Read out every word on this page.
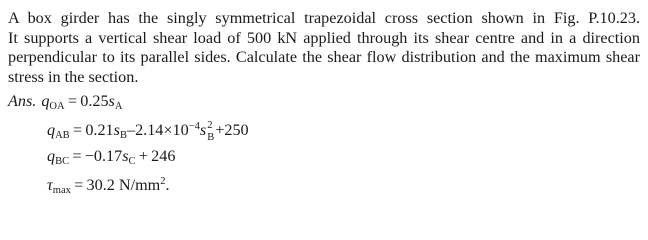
A box girder has the singly symmetrical trapezoidal cross section shown in Fig. P.10.23.
It supports a vertical shear load of 500 kN applied through its shear centre and in a direction
perpendicular to its parallel sides. Calculate the shear flow distribution and the maximum shear
stress in the section.

Ans. $q_{OA} = 0.25s_A$
$q_{AB} = 0.21s_B-2.14\times 10^{-4}s$ 2
B +250
$q_{BC} = -0.17s_C + 246$
$\tau_{max} = 30.2$ $N/mm^2$.
